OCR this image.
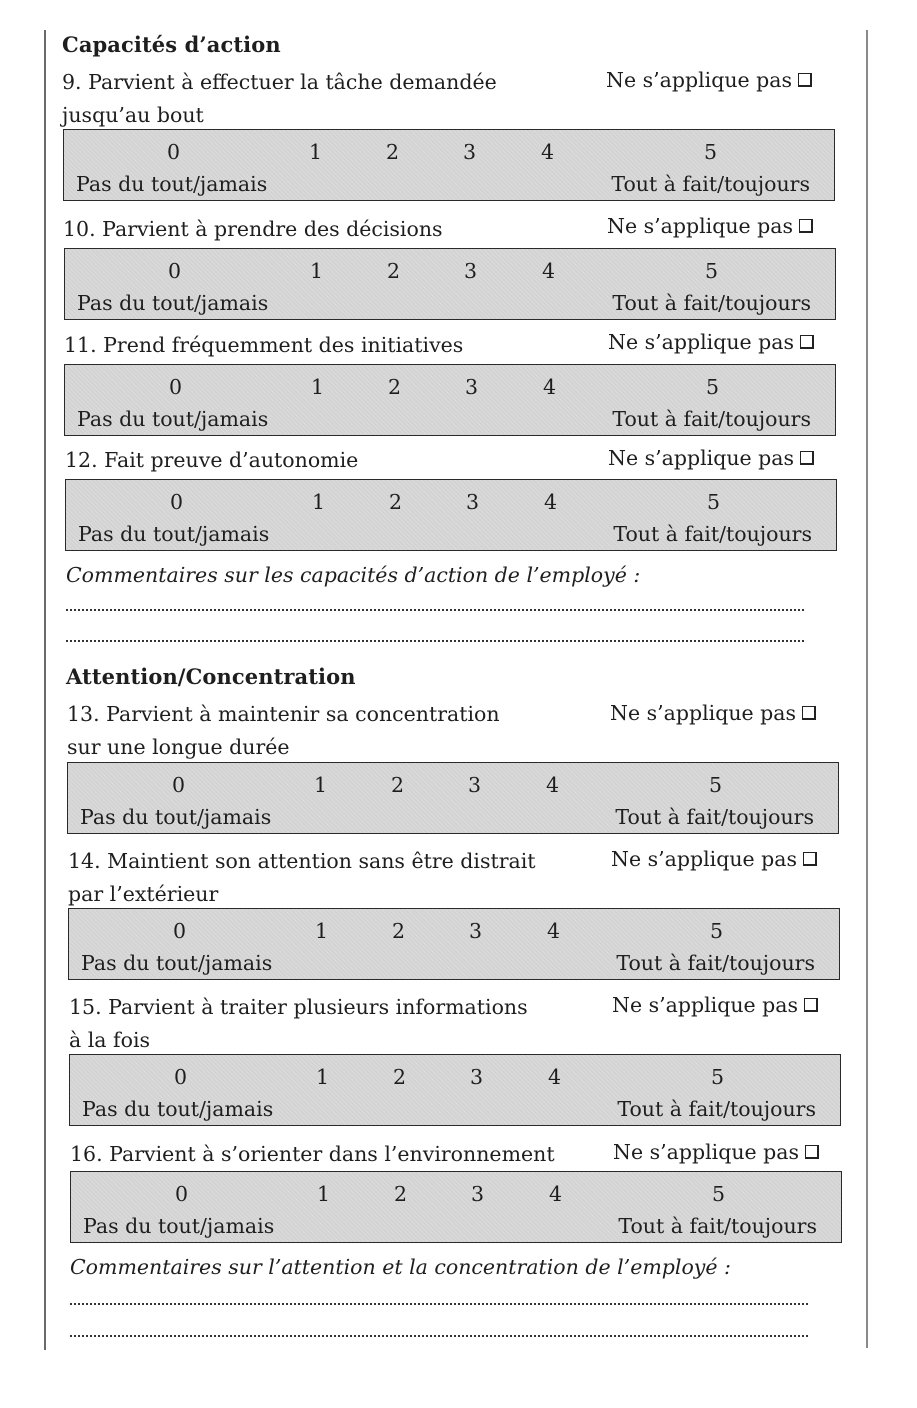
Capacités d’action
9. Parvient à effectuer la tâche demandée
jusqu’au bout
Ne s’applique pas
0	1	2	3	4	5
Pas du tout/jamais	Tout à fait/toujours
10. Parvient à prendre des décisions	Ne s’applique pas
0	1	2	3	4	5
Pas du tout/jamais	Tout à fait/toujours
11. Prend fréquemment des initiatives	Ne s’applique pas
0	1	2	3	4	5
Pas du tout/jamais	Tout à fait/toujours
12. Fait preuve d’autonomie	Ne s’applique pas
0	1	2	3	4	5
Pas du tout/jamais	Tout à fait/toujours
Commentaires sur les capacités d’action de l’employé :
Attention/Concentration
13. Parvient à maintenir sa concentration
sur une longue durée
Ne s’applique pas
0	1	2	3	4	5
Pas du tout/jamais	Tout à fait/toujours
14. Maintient son attention sans être distrait
par l’extérieur
Ne s’applique pas
0	1	2	3	4	5
Pas du tout/jamais	Tout à fait/toujours
15. Parvient à traiter plusieurs informations
à la fois
Ne s’applique pas
0	1	2	3	4	5
Pas du tout/jamais	Tout à fait/toujours
16. Parvient à s’orienter dans l’environnement	Ne s’applique pas
0	1	2	3	4	5
Pas du tout/jamais	Tout à fait/toujours
Commentaires sur l’attention et la concentration de l’employé :
